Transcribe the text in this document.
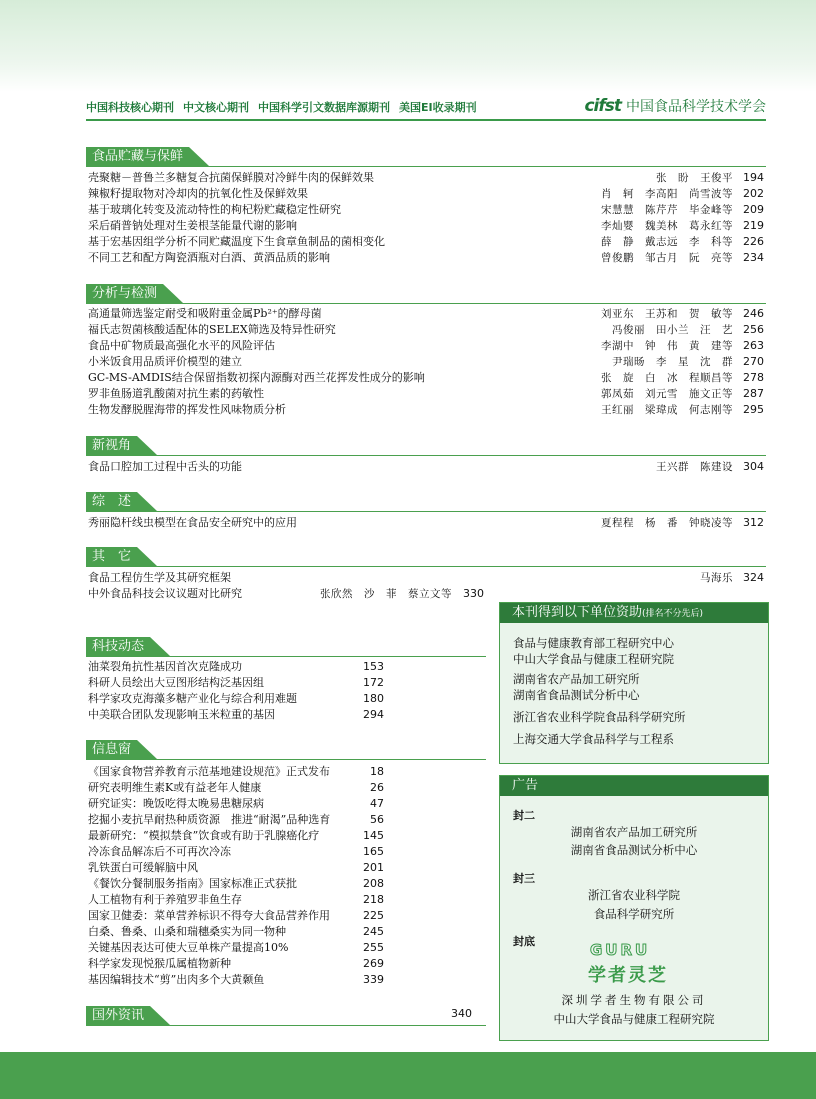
中国科技核心期刊 中文核心期刊 中国科学引文数据库源期刊 美国EI收录期刊	cifst 中国食品科学技术学会
食品贮藏与保鲜
壳聚糖－普鲁兰多糖复合抗菌保鲜膜对冷鲜牛肉的保鲜效果	张　盼　王俊平 194
辣椒籽提取物对冷却肉的抗氧化性及保鲜效果	肖　轲　李高阳　尚雪波等 202
基于玻璃化转变及流动特性的枸杞粉贮藏稳定性研究	宋慧慧　陈芹芹　毕金峰等 209
采后硝普钠处理对生姜根茎能量代谢的影响	李灿婴　魏美林　葛永红等 219
基于宏基因组学分析不同贮藏温度下生食章鱼制品的菌相变化	薛　静　戴志远　李　科等 226
不同工艺和配方陶瓷酒瓶对白酒、黄酒品质的影响	曾俊鹏　邹古月　阮　亮等 234
分析与检测
高通量筛选鉴定耐受和吸附重金属Pb²⁺的酵母菌	刘亚东　王苏和　贺　敏等 246
福氏志贺菌核酸适配体的SELEX筛选及特异性研究	冯俊丽　田小兰　汪　艺 256
食品中矿物质最高强化水平的风险评估	李湖中　钟　伟　黄　建等 263
小米饭食用品质评价模型的建立	尹瑞旸　李　星　沈　群 270
GC-MS-AMDIS结合保留指数初探内源酶对西兰花挥发性成分的影响	张　旋　白　冰　程顺昌等 278
罗非鱼肠道乳酸菌对抗生素的药敏性	郭凤茹　刘元雪　施文正等 287
生物发酵脱腥海带的挥发性风味物质分析	王红丽　梁瑋成　何志刚等 295
新视角
食品口腔加工过程中舌头的功能	王兴群　陈建设 304
综　述
秀丽隐杆线虫模型在食品安全研究中的应用	夏程程　杨　番　钟晓凌等 312
其　它
食品工程仿生学及其研究框架	马海乐 324
中外食品科技会议议题对比研究	张欣然　沙　菲　蔡立文等	330
科技动态
油菜裂角抗性基因首次克隆成功	153
科研人员绘出大豆图形结构泛基因组	172
科学家攻克海藻多糖产业化与综合利用难题	180
中美联合团队发现影响玉米粒重的基因	294
信息窗
《国家食物营养教育示范基地建设规范》正式发布	18
研究表明维生素K或有益老年人健康	26
研究证实：晚饭吃得太晚易患糖尿病	47
挖掘小麦抗旱耐热种质资源　推进“耐渴”品种选育	56
最新研究：“模拟禁食”饮食或有助于乳腺癌化疗	145
冷冻食品解冻后不可再次冷冻	165
乳铁蛋白可缓解脑中风	201
《餐饮分餐制服务指南》国家标准正式获批	208
人工植物有利于养殖罗非鱼生存	218
国家卫健委：菜单营养标识不得夸大食品营养作用	225
白桑、鲁桑、山桑和瑞穗桑实为同一物种	245
关键基因表达可使大豆单株产量提高10%	255
科学家发现悦猴瓜属植物新种	269
基因编辑技术“剪”出肉多个大黄颡鱼	339
国外资讯	340
本刊得到以下单位资助(排名不分先后)
食品与健康教育部工程研究中心
中山大学食品与健康工程研究院
湖南省农产品加工研究所
湖南省食品测试分析中心
浙江省农业科学院食品科学研究所
上海交通大学食品科学与工程系
广告
封二
湖南省农产品加工研究所
湖南省食品测试分析中心
封三
浙江省农业科学院
食品科学研究所
封底	GURU
学者灵芝
深圳学者生物有限公司
中山大学食品与健康工程研究院
